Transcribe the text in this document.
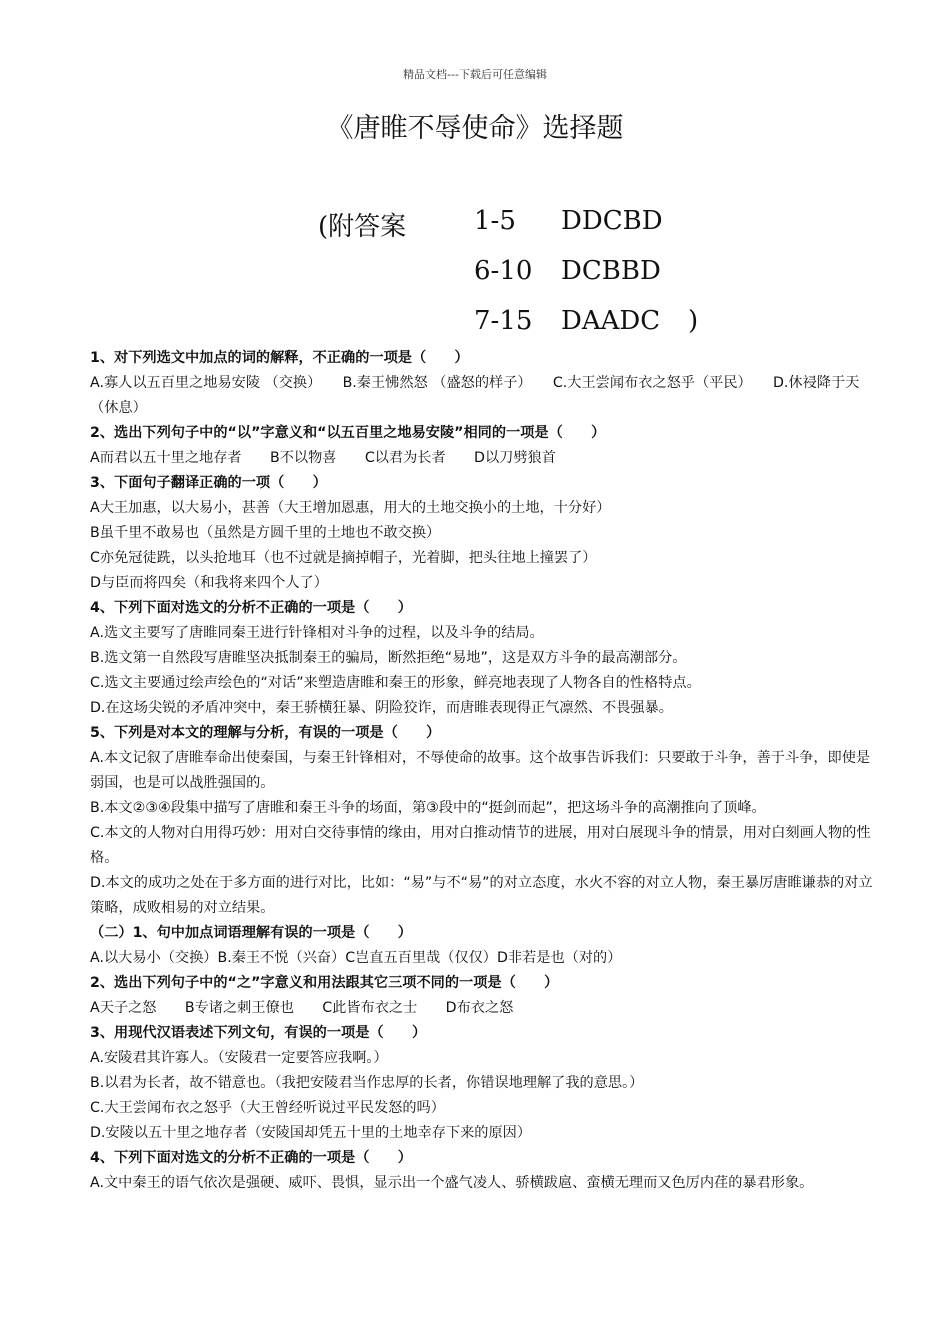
精品文档---下载后可任意编辑
《唐睢不辱使命》选择题
(附答案	1-5 DDCBD
6-10 DCBBD
7-15 DAADC )
1、对下列选文中加点的词的解释，不正确的一项是（　　）
A.寡人以五百里之地易安陵 （交换）　　B.秦王怫然怒 （盛怒的样子）　　C.大王尝闻布衣之怒乎（平民）　　D.休祲降于天（休息）
2、选出下列句子中的“以”字意义和“以五百里之地易安陵”相同的一项是（　　）
A而君以五十里之地存者　　B不以物喜　　C以君为长者　　D以刀劈狼首
3、下面句子翻译正确的一项（　　）
A大王加惠，以大易小，甚善（大王增加恩惠，用大的土地交换小的土地，十分好）
B虽千里不敢易也（虽然是方圆千里的土地也不敢交换）
C亦免冠徒跣，以头抢地耳（也不过就是摘掉帽子，光着脚，把头往地上撞罢了）
D与臣而将四矣（和我将来四个人了）
4、下列下面对选文的分析不正确的一项是（　　）
A.选文主要写了唐睢同秦王进行针锋相对斗争的过程，以及斗争的结局。
B.选文第一自然段写唐睢坚决抵制秦王的骗局，断然拒绝“易地”，这是双方斗争的最高潮部分。
C.选文主要通过绘声绘色的“对话”来塑造唐睢和秦王的形象，鲜亮地表现了人物各自的性格特点。
D.在这场尖锐的矛盾冲突中，秦王骄横狂暴、阴险狡诈，而唐睢表现得正气凛然、不畏强暴。
5、下列是对本文的理解与分析，有误的一项是（　　）
A.本文记叙了唐睢奉命出使秦国，与秦王针锋相对，不辱使命的故事。这个故事告诉我们：只要敢于斗争，善于斗争，即使是弱国，也是可以战胜强国的。
B.本文②③④段集中描写了唐睢和秦王斗争的场面，第③段中的“挺剑而起”，把这场斗争的高潮推向了顶峰。
C.本文的人物对白用得巧妙：用对白交待事情的缘由，用对白推动情节的进展，用对白展现斗争的情景，用对白刻画人物的性格。
D.本文的成功之处在于多方面的进行对比，比如：“易”与不“易”的对立态度，水火不容的对立人物，秦王暴厉唐睢谦恭的对立策略，成败相易的对立结果。
（二）1、句中加点词语理解有误的一项是（　　）
A.以大易小（交换）B.秦王不悦（兴奋）C岂直五百里哉（仅仅）D非若是也（对的）
2、选出下列句子中的“之”字意义和用法跟其它三项不同的一项是（　　）
A天子之怒　　B专诸之刺王僚也　　C此皆布衣之士　　D布衣之怒
3、用现代汉语表述下列文句，有误的一项是（　　）
A.安陵君其许寡人。（安陵君一定要答应我啊。）
B.以君为长者，故不错意也。（我把安陵君当作忠厚的长者，你错误地理解了我的意思。）
C.大王尝闻布衣之怒乎（大王曾经听说过平民发怒的吗）
D.安陵以五十里之地存者（安陵国却凭五十里的土地幸存下来的原因）
4、下列下面对选文的分析不正确的一项是（　　）
A.文中秦王的语气依次是强硬、威吓、畏惧，显示出一个盛气凌人、骄横跋扈、蛮横无理而又色厉内荏的暴君形象。
